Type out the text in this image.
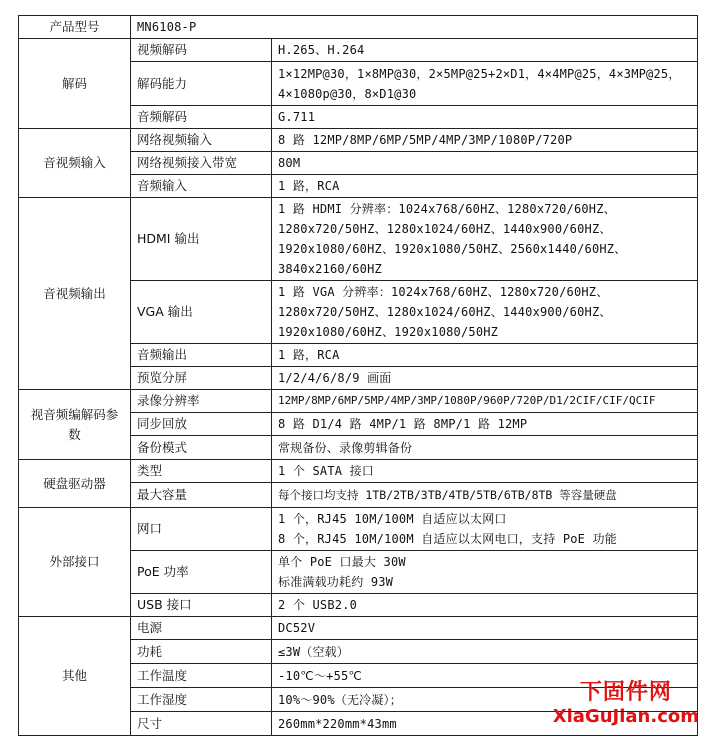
产品型号	MN6108-P	
解码	视频解码	H.265、H.264
	解码能力	1×12MP@30，1×8MP@30，2×5MP@25+2×D1，4×4MP@25，4×3MP@25，
4×1080p@30，8×D1@30

	音频解码	G.711
音视频输入	网络视频输入	8 路 12MP/8MP/6MP/5MP/4MP/3MP/1080P/720P
	网络视频接入带宽	80M
	音频输入	1 路，RCA
音视频输出	HDMI 输出	1 路 HDMI 分辨率：1024x768/60HZ、1280x720/60HZ、
1280x720/50HZ、1280x1024/60HZ、1440x900/60HZ、
1920x1080/60HZ、1920x1080/50HZ、2560x1440/60HZ、
3840x2160/60HZ

	VGA 输出	1 路 VGA 分辨率：1024x768/60HZ、1280x720/60HZ、
1280x720/50HZ、1280x1024/60HZ、1440x900/60HZ、
1920x1080/60HZ、1920x1080/50HZ

	音频输出	1 路，RCA
	预览分屏	1/2/4/6/8/9 画面

视音频编解码参
数	录像分辨率	12MP/8MP/6MP/5MP/4MP/3MP/1080P/960P/720P/D1/2CIF/CIF/QCIF
	同步回放	8 路 D1/4 路 4MP/1 路 8MP/1 路 12MP
	备份模式	常规备份、录像剪辑备份
硬盘驱动器	类型	1 个 SATA 接口
	最大容量	每个接口均支持 1TB/2TB/3TB/4TB/5TB/6TB/8TB 等容量硬盘
外部接口	网口	1 个，RJ45 10M/100M 自适应以太网口
8 个，RJ45 10M/100M 自适应以太网电口，支持 PoE 功能

	PoE 功率	单个 PoE 口最大 30W
标准满载功耗约 93W

	USB 接口	2 个 USB2.0
其他	电源	DC52V
	功耗	≤3W（空载）
	工作温度	-10℃～+55℃
	工作湿度	10%～90%（无冷凝）；
	尺寸	260mm*220mm*43mm
下固件网
XiaGuJian.com
